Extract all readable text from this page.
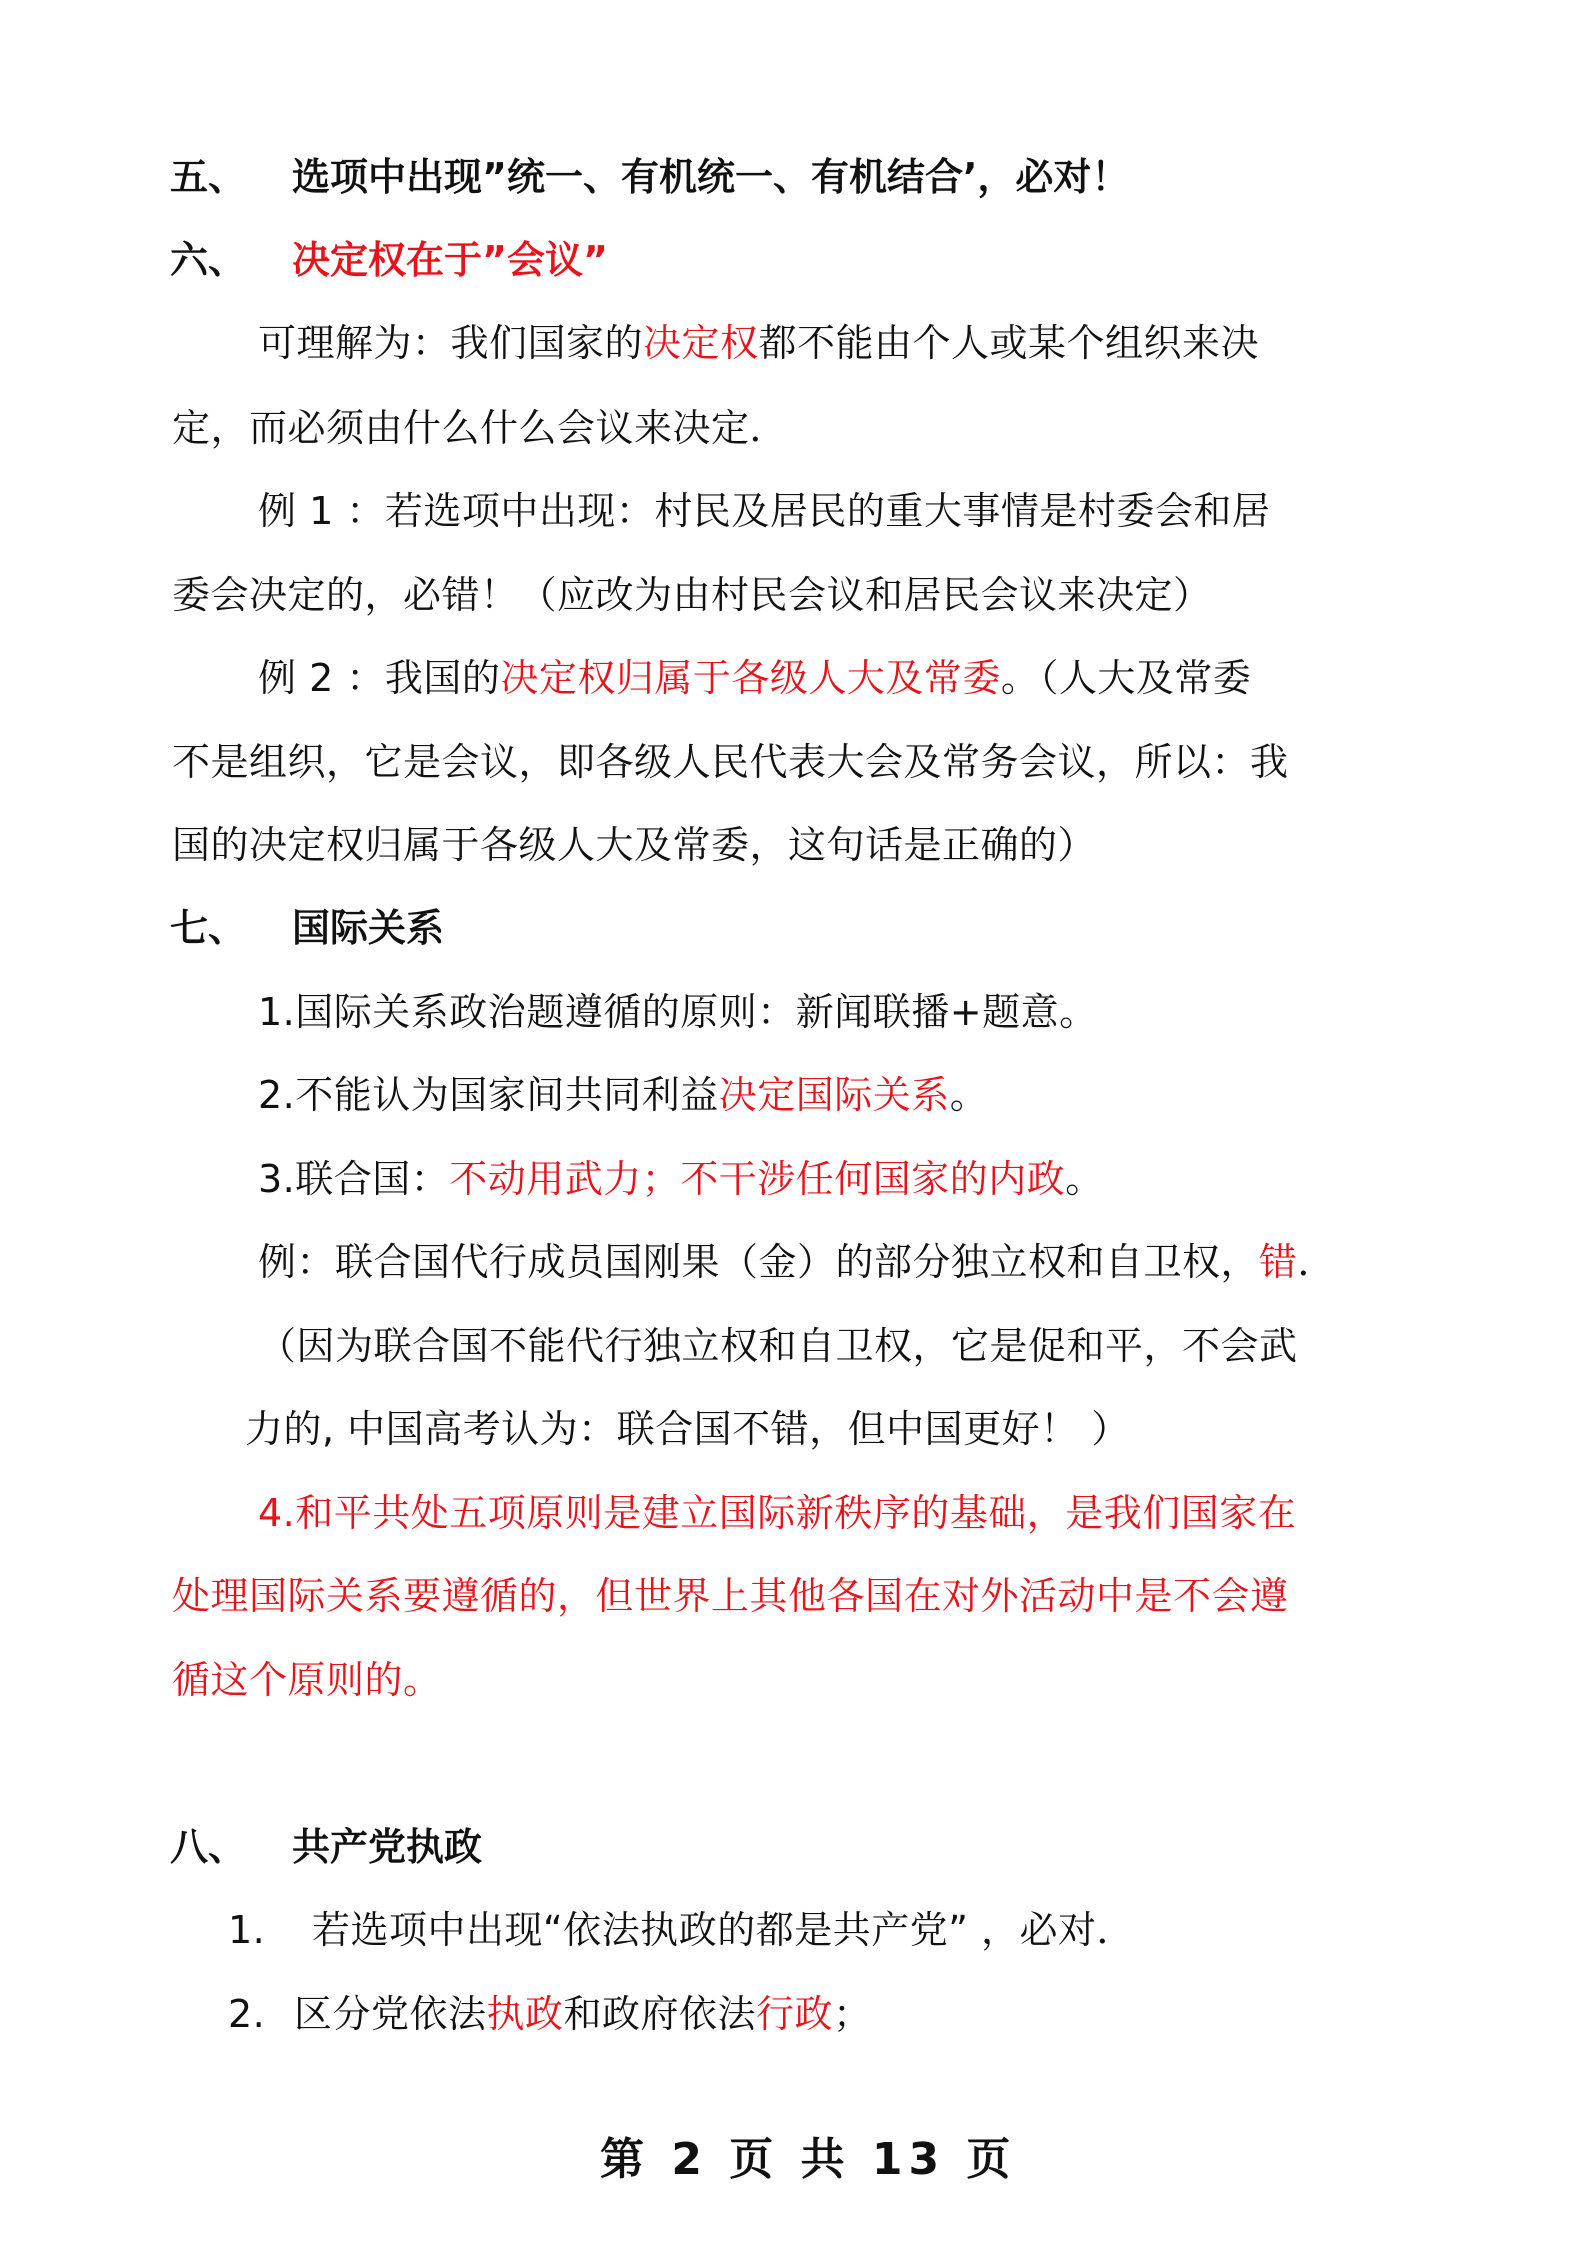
五、 选项中出现”统一、有机统一、有机结合’，必对！
六、 决定权在于”会议”
可理解为：我们国家的决定权都不能由个人或某个组织来决
定，而必须由什么什么会议来决定．
例 1 ：若选项中出现：村民及居民的重大事情是村委会和居
委会决定的，必错！（应改为由村民会议和居民会议来决定）
例 2 ：我国的决定权归属于各级人大及常委。（人大及常委
不是组织，它是会议，即各级人民代表大会及常务会议，所以：我
国的决定权归属于各级人大及常委，这句话是正确的）
七、 国际关系
1.国际关系政治题遵循的原则：新闻联播+题意。
2.不能认为国家间共同利益决定国际关系。
3.联合国：不动用武力；不干涉任何国家的内政。
例：联合国代行成员国刚果（金）的部分独立权和自卫权，错．
（因为联合国不能代行独立权和自卫权，它是促和平，不会武
力的, 中国高考认为：联合国不错，但中国更好！ ）
4.和平共处五项原则是建立国际新秩序的基础，是我们国家在
处理国际关系要遵循的，但世界上其他各国在对外活动中是不会遵
循这个原则的。
八、 共产党执政
1. 若选项中出现“依法执政的都是共产党” ，必对．
2. 区分党依法执政和政府依法行政；
第 2 页 共 13 页
